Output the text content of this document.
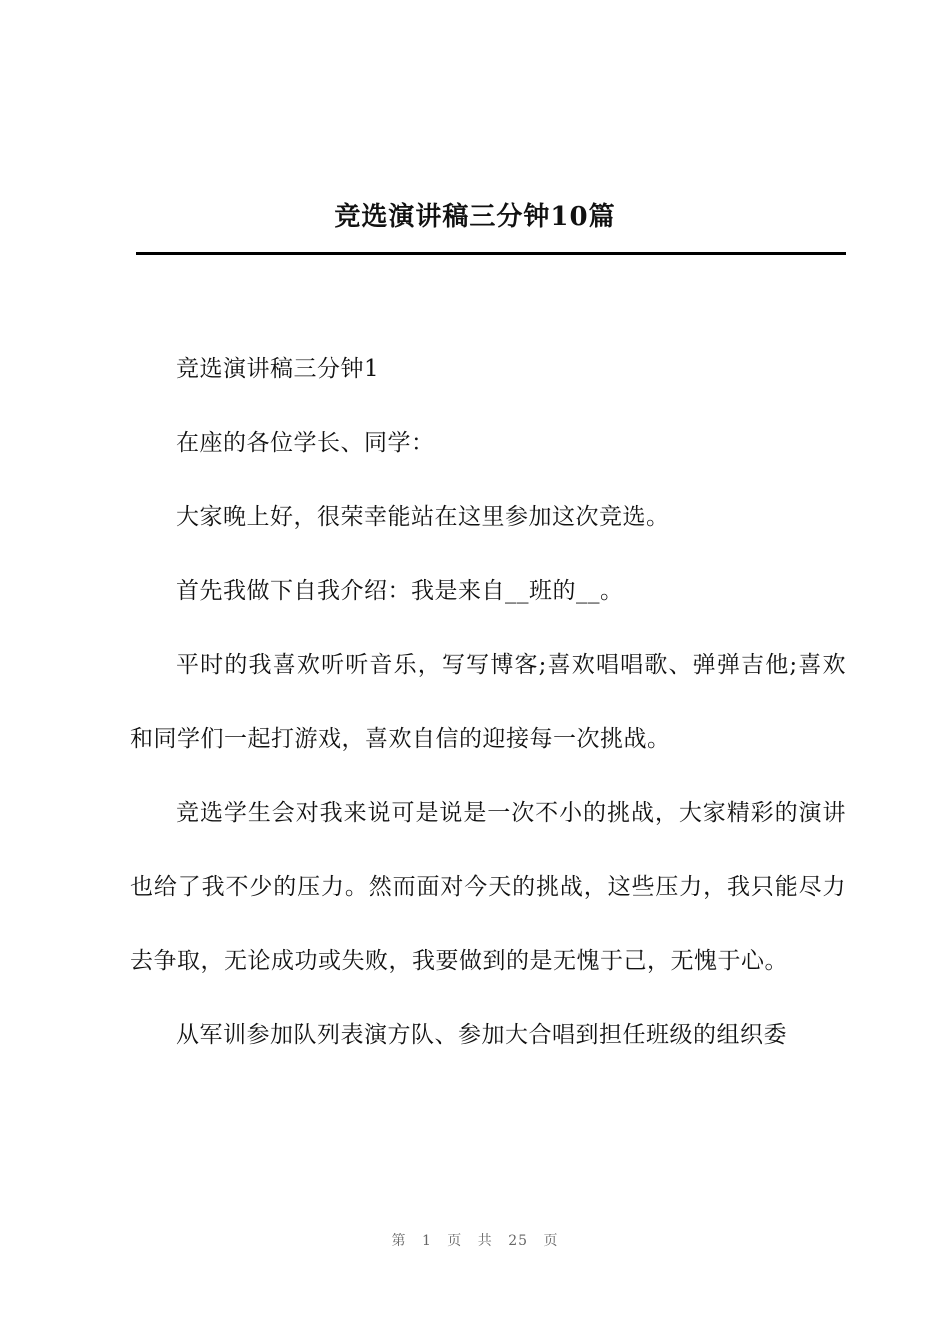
竞选演讲稿三分钟10篇

竞选演讲稿三分钟1

在座的各位学长、同学：

大家晚上好，很荣幸能站在这里参加这次竞选。

首先我做下自我介绍：我是来自__班的__。

平时的我喜欢听听音乐，写写博客;喜欢唱唱歌、弹弹吉他;喜欢和同学们一起打游戏，喜欢自信的迎接每一次挑战。

竞选学生会对我来说可是说是一次不小的挑战，大家精彩的演讲也给了我不少的压力。然而面对今天的挑战，这些压力，我只能尽力去争取，无论成功或失败，我要做到的是无愧于己，无愧于心。

从军训参加队列表演方队、参加大合唱到担任班级的组织委

第 1 页 共 25 页
